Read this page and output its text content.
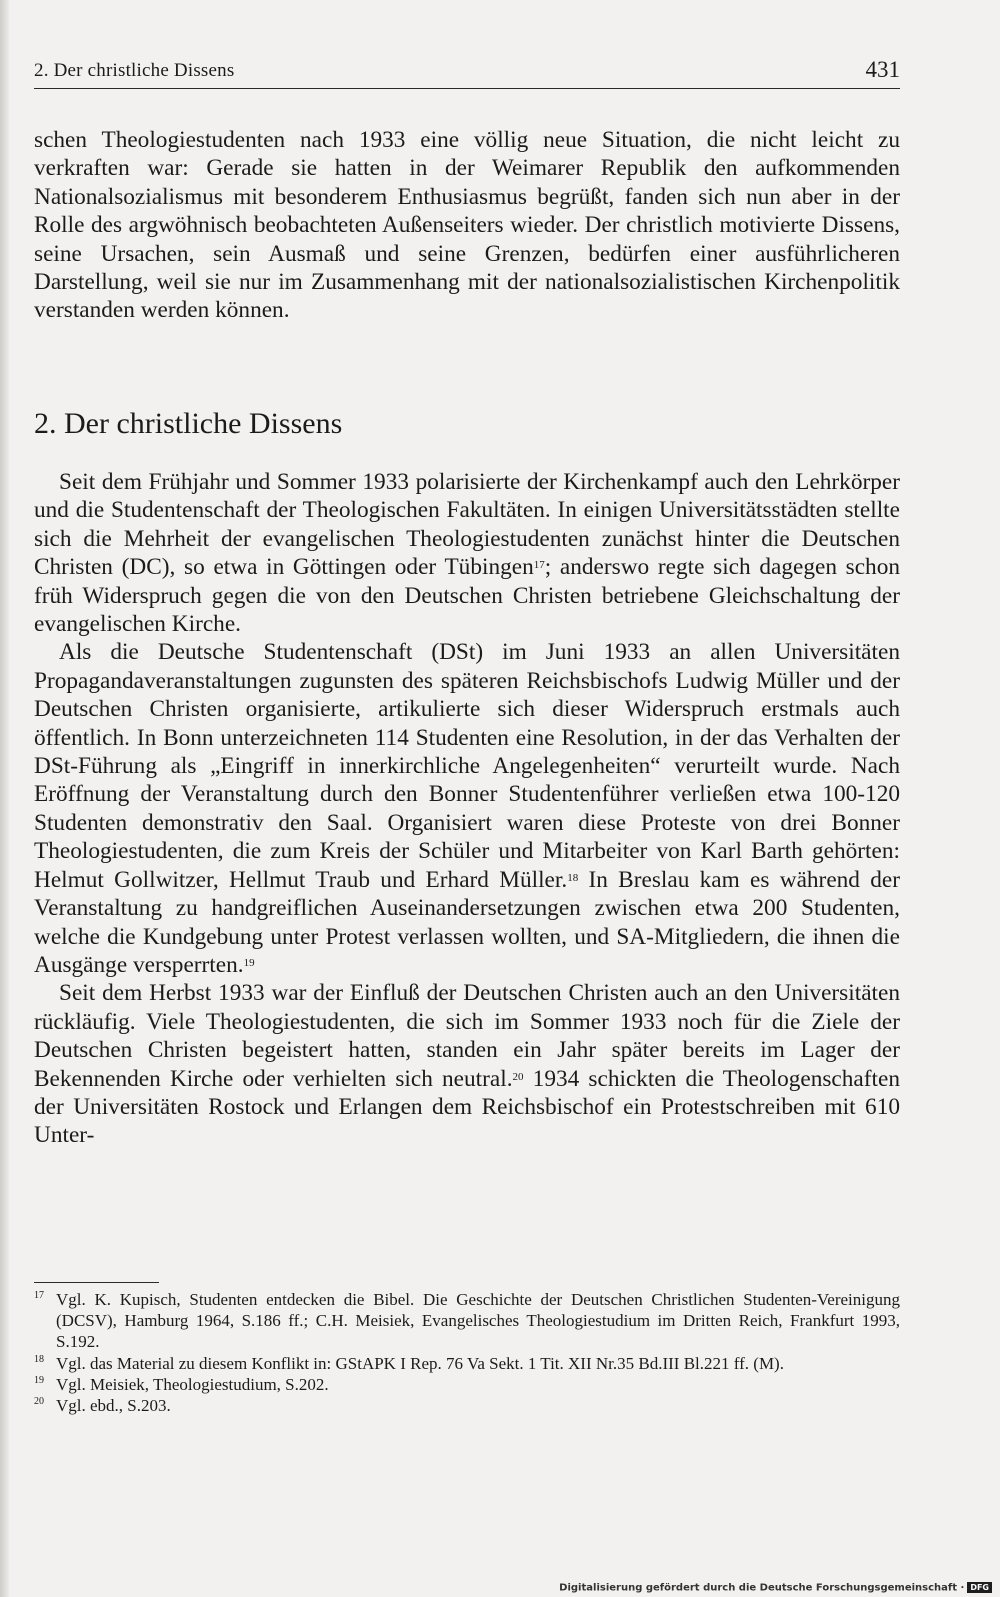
2. Der christliche Dissens	431

schen Theologiestudenten nach 1933 eine völlig neue Situation, die nicht leicht zu verkraften war: Gerade sie hatten in der Weimarer Republik den aufkommenden Nationalsozialismus mit besonderem Enthusiasmus begrüßt, fanden sich nun aber in der Rolle des argwöhnisch beobachteten Außenseiters wieder. Der christlich motivierte Dissens, seine Ursachen, sein Ausmaß und seine Grenzen, bedürfen einer ausführlicheren Darstellung, weil sie nur im Zusammenhang mit der nationalsozialistischen Kirchenpolitik verstanden werden können.

2. Der christliche Dissens

Seit dem Frühjahr und Sommer 1933 polarisierte der Kirchenkampf auch den Lehrkörper und die Studentenschaft der Theologischen Fakultäten. In einigen Universitätsstädten stellte sich die Mehrheit der evangelischen Theologiestudenten zunächst hinter die Deutschen Christen (DC), so etwa in Göttingen oder Tübingen$^{17}$; anderswo regte sich dagegen schon früh Widerspruch gegen die von den Deutschen Christen betriebene Gleichschaltung der evangelischen Kirche.

Als die Deutsche Studentenschaft (DSt) im Juni 1933 an allen Universitäten Propagandaveranstaltungen zugunsten des späteren Reichsbischofs Ludwig Müller und der Deutschen Christen organisierte, artikulierte sich dieser Widerspruch erstmals auch öffentlich. In Bonn unterzeichneten 114 Studenten eine Resolution, in der das Verhalten der DSt-Führung als „Eingriff in innerkirchliche Angelegenheiten“ verurteilt wurde. Nach Eröffnung der Veranstaltung durch den Bonner Studentenführer verließen etwa 100-120 Studenten demonstrativ den Saal. Organisiert waren diese Proteste von drei Bonner Theologiestudenten, die zum Kreis der Schüler und Mitarbeiter von Karl Barth gehörten: Helmut Gollwitzer, Hellmut Traub und Erhard Müller.$^{18}$ In Breslau kam es während der Veranstaltung zu handgreiflichen Auseinandersetzungen zwischen etwa 200 Studenten, welche die Kundgebung unter Protest verlassen wollten, und SA-Mitgliedern, die ihnen die Ausgänge versperrten.$^{19}$

Seit dem Herbst 1933 war der Einfluß der Deutschen Christen auch an den Universitäten rückläufig. Viele Theologiestudenten, die sich im Sommer 1933 noch für die Ziele der Deutschen Christen begeistert hatten, standen ein Jahr später bereits im Lager der Bekennenden Kirche oder verhielten sich neutral.$^{20}$ 1934 schickten die Theologenschaften der Universitäten Rostock und Erlangen dem Reichsbischof ein Protestschreiben mit 610 Unter-

17 Vgl. K. Kupisch, Studenten entdecken die Bibel. Die Geschichte der Deutschen Christlichen Studenten-Vereinigung (DCSV), Hamburg 1964, S.186 ff.; C.H. Meisiek, Evangelisches Theologiestudium im Dritten Reich, Frankfurt 1993, S.192.

18 Vgl. das Material zu diesem Konflikt in: GStAPK I Rep. 76 Va Sekt. 1 Tit. XII Nr.35 Bd.III Bl.221 ff. (M).

19 Vgl. Meisiek, Theologiestudium, S.202.

20 Vgl. ebd., S.203.

Digitalisierung gefördert durch die Deutsche Forschungsgemeinschaft · DFG
